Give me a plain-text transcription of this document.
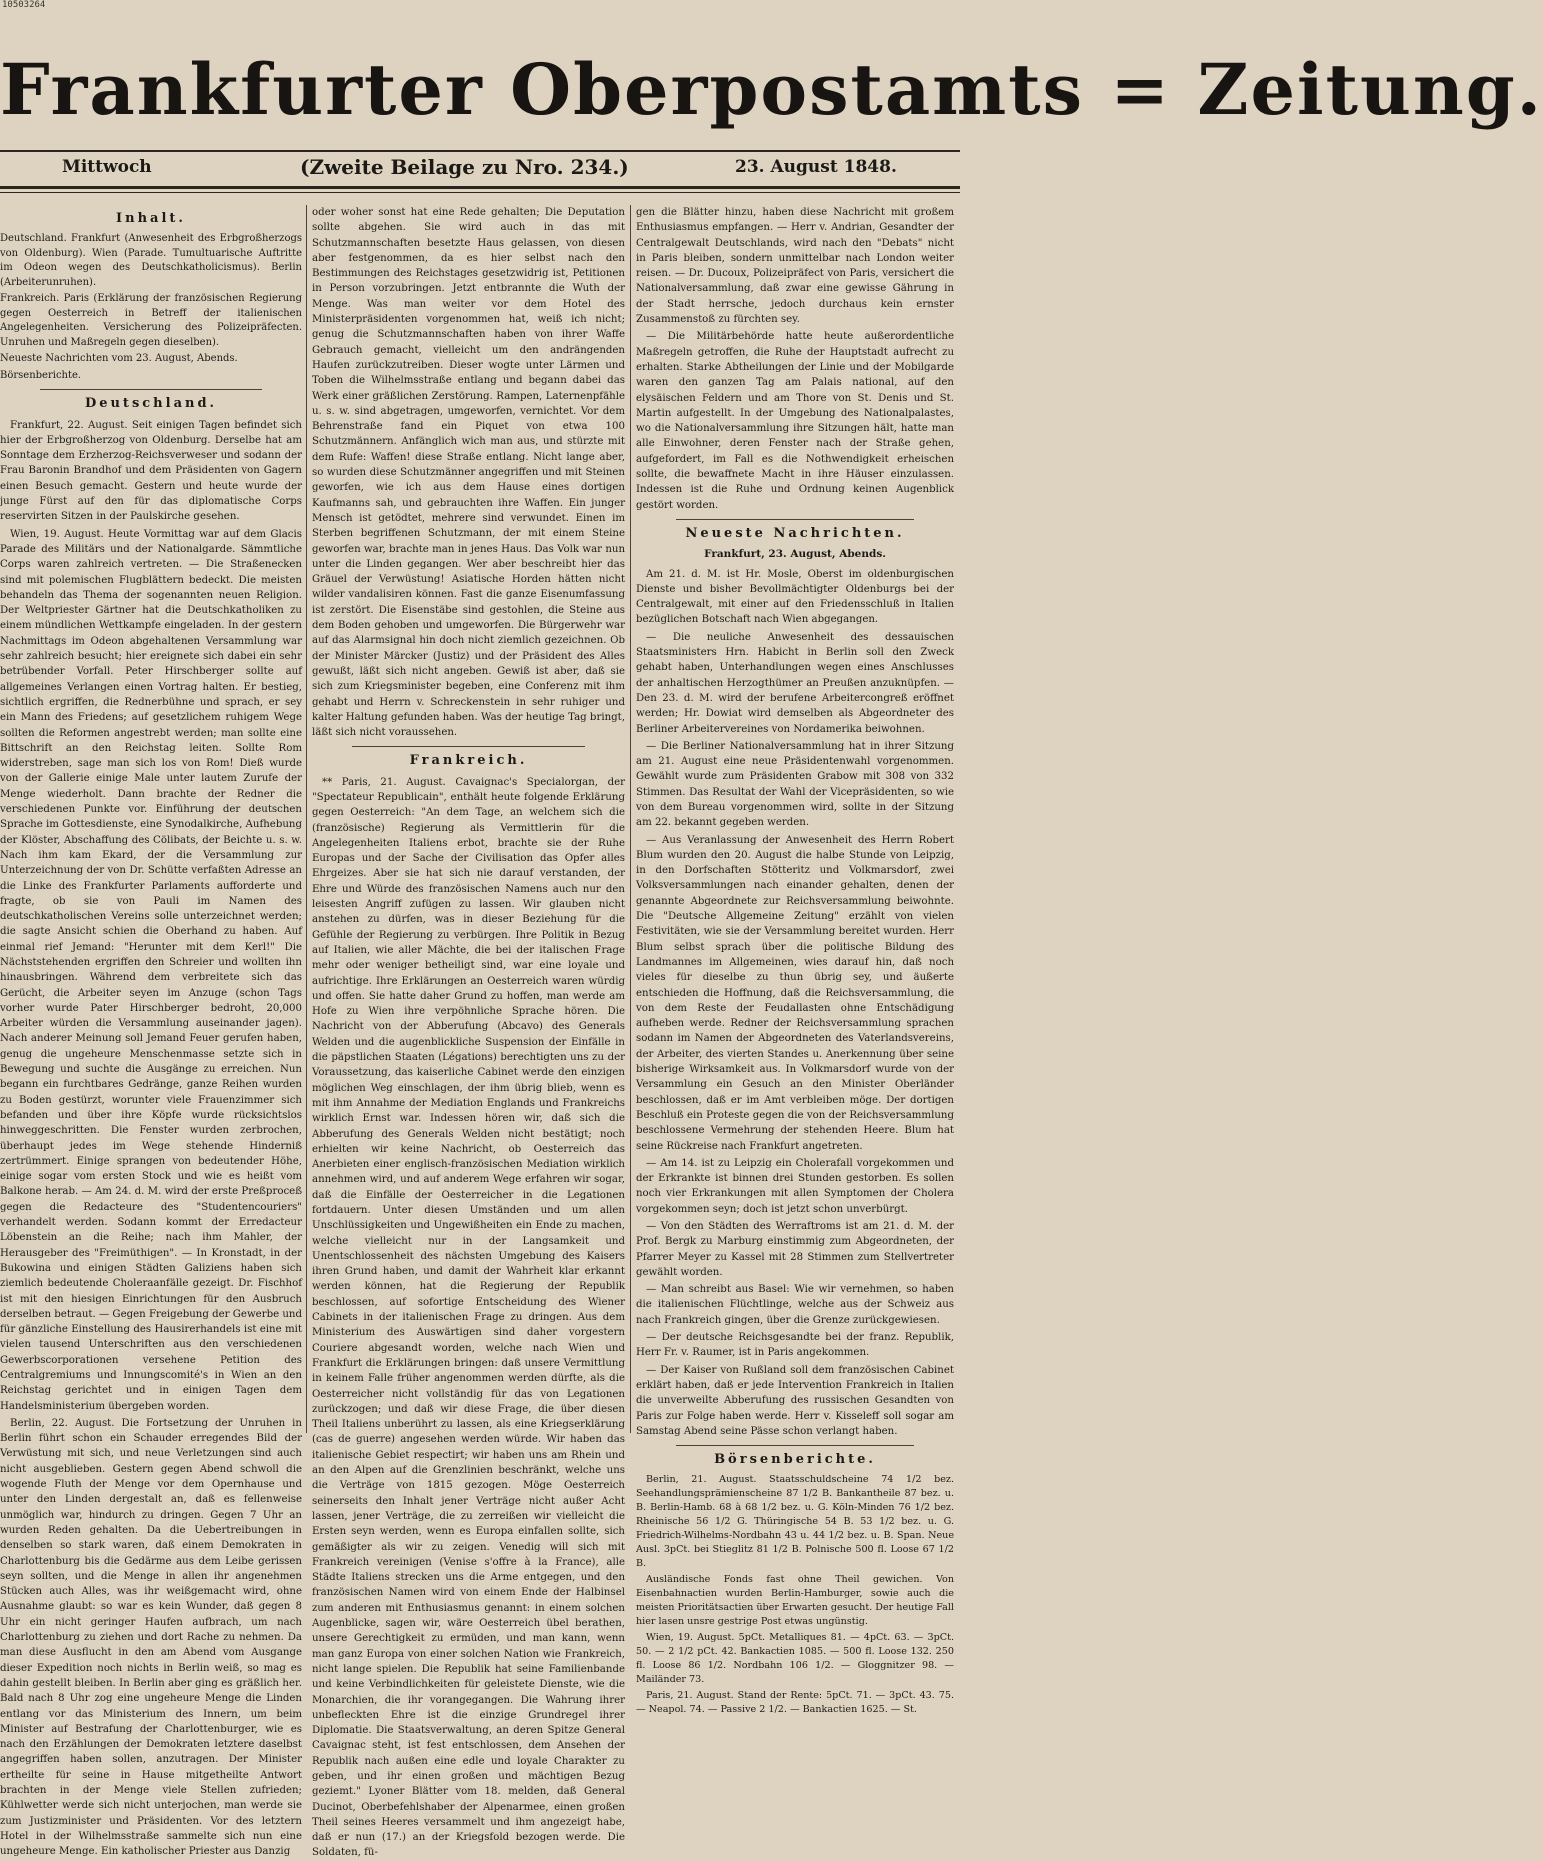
10503264
Frankfurter Oberpostamts = Zeitung.
Mittwoch	(Zweite Beilage zu Nro. 234.)	23. August 1848.
Inhalt.

Deutschland. Frankfurt (Anwesenheit des Erbgroßherzogs von Oldenburg). Wien (Parade. Tumultuarische Auftritte im Odeon wegen des Deutschkatholicismus). Berlin (Arbeiterunruhen).

Frankreich. Paris (Erklärung der französischen Regierung gegen Oesterreich in Betreff der italienischen Angelegenheiten. Versicherung des Polizeipräfecten. Unruhen und Maßregeln gegen dieselben).

Neueste Nachrichten vom 23. August, Abends.

Börsenberichte.

Deutschland.

Frankfurt, 22. August. Seit einigen Tagen befindet sich hier der Erbgroßherzog von Oldenburg. Derselbe hat am Sonntage dem Erzherzog-Reichsverweser und sodann der Frau Baronin Brandhof und dem Präsidenten von Gagern einen Besuch gemacht. Gestern und heute wurde der junge Fürst auf den für das diplomatische Corps reservirten Sitzen in der Paulskirche gesehen.

Wien, 19. August. Heute Vormittag war auf dem Glacis Parade des Militärs und der Nationalgarde. Sämmtliche Corps waren zahlreich vertreten. — Die Straßenecken sind mit polemischen Flugblättern bedeckt. Die meisten behandeln das Thema der sogenannten neuen Religion. Der Weltpriester Gärtner hat die Deutschkatholiken zu einem mündlichen Wettkampfe eingeladen. In der gestern Nachmittags im Odeon abgehaltenen Versammlung war sehr zahlreich besucht; hier ereignete sich dabei ein sehr betrübender Vorfall. Peter Hirschberger sollte auf allgemeines Verlangen einen Vortrag halten. Er bestieg, sichtlich ergriffen, die Rednerbühne und sprach, er sey ein Mann des Friedens; auf gesetzlichem ruhigem Wege sollten die Reformen angestrebt werden; man sollte eine Bittschrift an den Reichstag leiten. Sollte Rom widerstreben, sage man sich los von Rom! Dieß wurde von der Gallerie einige Male unter lautem Zurufe der Menge wiederholt. Dann brachte der Redner die verschiedenen Punkte vor. Einführung der deutschen Sprache im Gottesdienste, eine Synodalkirche, Aufhebung der Klöster, Abschaffung des Cölibats, der Beichte u. s. w. Nach ihm kam Ekard, der die Versammlung zur Unterzeichnung der von Dr. Schütte verfaßten Adresse an die Linke des Frankfurter Parlaments aufforderte und fragte, ob sie von Pauli im Namen des deutschkatholischen Vereins solle unterzeichnet werden; die sagte Ansicht schien die Oberhand zu haben. Auf einmal rief Jemand: "Herunter mit dem Kerl!" Die Nächststehenden ergriffen den Schreier und wollten ihn hinausbringen. Während dem verbreitete sich das Gerücht, die Arbeiter seyen im Anzuge (schon Tags vorher wurde Pater Hirschberger bedroht, 20,000 Arbeiter würden die Versammlung auseinander jagen). Nach anderer Meinung soll Jemand Feuer gerufen haben, genug die ungeheure Menschenmasse setzte sich in Bewegung und suchte die Ausgänge zu erreichen. Nun begann ein furchtbares Gedränge, ganze Reihen wurden zu Boden gestürzt, worunter viele Frauenzimmer sich befanden und über ihre Köpfe wurde rücksichtslos hinweggeschritten. Die Fenster wurden zerbrochen, überhaupt jedes im Wege stehende Hinderniß zertrümmert. Einige sprangen von bedeutender Höhe, einige sogar vom ersten Stock und wie es heißt vom Balkone herab. — Am 24. d. M. wird der erste Preßproceß gegen die Redacteure des "Studentencouriers" verhandelt werden. Sodann kommt der Erredacteur Löbenstein an die Reihe; nach ihm Mahler, der Herausgeber des "Freimüthigen". — In Kronstadt, in der Bukowina und einigen Städten Galiziens haben sich ziemlich bedeutende Choleraanfälle gezeigt. Dr. Fischhof ist mit den hiesigen Einrichtungen für den Ausbruch derselben betraut. — Gegen Freigebung der Gewerbe und für gänzliche Einstellung des Hausirerhandels ist eine mit vielen tausend Unterschriften aus den verschiedenen Gewerbscorporationen versehene Petition des Centralgremiums und Innungscomité's in Wien an den Reichstag gerichtet und in einigen Tagen dem Handelsministerium übergeben worden.

Berlin, 22. August. Die Fortsetzung der Unruhen in Berlin führt schon ein Schauder erregendes Bild der Verwüstung mit sich, und neue Verletzungen sind auch nicht ausgeblieben. Gestern gegen Abend schwoll die wogende Fluth der Menge vor dem Opernhause und unter den Linden dergestalt an, daß es fellenweise unmöglich war, hindurch zu dringen. Gegen 7 Uhr an wurden Reden gehalten. Da die Uebertreibungen in denselben so stark waren, daß einem Demokraten in Charlottenburg bis die Gedärme aus dem Leibe gerissen seyn sollten, und die Menge in allen ihr angenehmen Stücken auch Alles, was ihr weißgemacht wird, ohne Ausnahme glaubt: so war es kein Wunder, daß gegen 8 Uhr ein nicht geringer Haufen aufbrach, um nach Charlottenburg zu ziehen und dort Rache zu nehmen. Da man diese Ausflucht in den am Abend vom Ausgange dieser Expedition noch nichts in Berlin weiß, so mag es dahin gestellt bleiben. In Berlin aber ging es gräßlich her. Bald nach 8 Uhr zog eine ungeheure Menge die Linden entlang vor das Ministerium des Innern, um beim Minister auf Bestrafung der Charlottenburger, wie es nach den Erzählungen der Demokraten letztere daselbst angegriffen haben sollen, anzutragen. Der Minister ertheilte für seine in Hause mitgetheilte Antwort brachten in der Menge viele Stellen zufrieden; Kühlwetter werde sich nicht unterjochen, man werde sie zum Justizminister und Präsidenten. Vor des letztern Hotel in der Wilhelmsstraße sammelte sich nun eine ungeheure Menge. Ein katholischer Priester aus Danzig

oder woher sonst hat eine Rede gehalten; Die Deputation sollte abgehen. Sie wird auch in das mit Schutzmannschaften besetzte Haus gelassen, von diesen aber festgenommen, da es hier selbst nach den Bestimmungen des Reichstages gesetzwidrig ist, Petitionen in Person vorzubringen. Jetzt entbrannte die Wuth der Menge. Was man weiter vor dem Hotel des Ministerpräsidenten vorgenommen hat, weiß ich nicht; genug die Schutzmannschaften haben von ihrer Waffe Gebrauch gemacht, vielleicht um den andrängenden Haufen zurückzutreiben. Dieser wogte unter Lärmen und Toben die Wilhelmsstraße entlang und begann dabei das Werk einer gräßlichen Zerstörung. Rampen, Laternenpfähle u. s. w. sind abgetragen, umgeworfen, vernichtet. Vor dem Behrenstraße fand ein Piquet von etwa 100 Schutzmännern. Anfänglich wich man aus, und stürzte mit dem Rufe: Waffen! diese Straße entlang. Nicht lange aber, so wurden diese Schutzmänner angegriffen und mit Steinen geworfen, wie ich aus dem Hause eines dortigen Kaufmanns sah, und gebrauchten ihre Waffen. Ein junger Mensch ist getödtet, mehrere sind verwundet. Einen im Sterben begriffenen Schutzmann, der mit einem Steine geworfen war, brachte man in jenes Haus. Das Volk war nun unter die Linden gegangen. Wer aber beschreibt hier das Gräuel der Verwüstung! Asiatische Horden hätten nicht wilder vandalisiren können. Fast die ganze Eisenumfassung ist zerstört. Die Eisenstäbe sind gestohlen, die Steine aus dem Boden gehoben und umgeworfen. Die Bürgerwehr war auf das Alarmsignal hin doch nicht ziemlich gezeichnen. Ob der Minister Märcker (Justiz) und der Präsident des Alles gewußt, läßt sich nicht angeben. Gewiß ist aber, daß sie sich zum Kriegsminister begeben, eine Conferenz mit ihm gehabt und Herrn v. Schreckenstein in sehr ruhiger und kalter Haltung gefunden haben. Was der heutige Tag bringt, läßt sich nicht voraussehen.

Frankreich.

** Paris, 21. August. Cavaignac's Specialorgan, der "Spectateur Republicain", enthält heute folgende Erklärung gegen Oesterreich: "An dem Tage, an welchem sich die (französische) Regierung als Vermittlerin für die Angelegenheiten Italiens erbot, brachte sie der Ruhe Europas und der Sache der Civilisation das Opfer alles Ehrgeizes. Aber sie hat sich nie darauf verstanden, der Ehre und Würde des französischen Namens auch nur den leisesten Angriff zufügen zu lassen. Wir glauben nicht anstehen zu dürfen, was in dieser Beziehung für die Gefühle der Regierung zu verbürgen. Ihre Politik in Bezug auf Italien, wie aller Mächte, die bei der italischen Frage mehr oder weniger betheiligt sind, war eine loyale und aufrichtige. Ihre Erklärungen an Oesterreich waren würdig und offen. Sie hatte daher Grund zu hoffen, man werde am Hofe zu Wien ihre verpöhnliche Sprache hören. Die Nachricht von der Abberufung (Abcavo) des Generals Welden und die augenblickliche Suspension der Einfälle in die päpstlichen Staaten (Légations) berechtigten uns zu der Voraussetzung, das kaiserliche Cabinet werde den einzigen möglichen Weg einschlagen, der ihm übrig blieb, wenn es mit ihm Annahme der Mediation Englands und Frankreichs wirklich Ernst war. Indessen hören wir, daß sich die Abberufung des Generals Welden nicht bestätigt; noch erhielten wir keine Nachricht, ob Oesterreich das Anerbieten einer englisch-französischen Mediation wirklich annehmen wird, und auf anderem Wege erfahren wir sogar, daß die Einfälle der Oesterreicher in die Legationen fortdauern. Unter diesen Umständen und um allen Unschlüssigkeiten und Ungewißheiten ein Ende zu machen, welche vielleicht nur in der Langsamkeit und Unentschlossenheit des nächsten Umgebung des Kaisers ihren Grund haben, und damit der Wahrheit klar erkannt werden können, hat die Regierung der Republik beschlossen, auf sofortige Entscheidung des Wiener Cabinets in der italienischen Frage zu dringen. Aus dem Ministerium des Auswärtigen sind daher vorgestern Couriere abgesandt worden, welche nach Wien und Frankfurt die Erklärungen bringen: daß unsere Vermittlung in keinem Falle früher angenommen werden dürfte, als die Oesterreicher nicht vollständig für das von Legationen zurückzogen; und daß wir diese Frage, die über diesen Theil Italiens unberührt zu lassen, als eine Kriegserklärung (cas de guerre) angesehen werden würde. Wir haben das italienische Gebiet respectirt; wir haben uns am Rhein und an den Alpen auf die Grenzlinien beschränkt, welche uns die Verträge von 1815 gezogen. Möge Oesterreich seinerseits den Inhalt jener Verträge nicht außer Acht lassen, jener Verträge, die zu zerreißen wir vielleicht die Ersten seyn werden, wenn es Europa einfallen sollte, sich gemäßigter als wir zu zeigen. Venedig will sich mit Frankreich vereinigen (Venise s'offre à la France), alle Städte Italiens strecken uns die Arme entgegen, und den französischen Namen wird von einem Ende der Halbinsel zum anderen mit Enthusiasmus genannt: in einem solchen Augenblicke, sagen wir, wäre Oesterreich übel berathen, unsere Gerechtigkeit zu ermüden, und man kann, wenn man ganz Europa von einer solchen Nation wie Frankreich, nicht lange spielen. Die Republik hat seine Familienbande und keine Verbindlichkeiten für geleistete Dienste, wie die Monarchien, die ihr vorangegangen. Die Wahrung ihrer unbefleckten Ehre ist die einzige Grundregel ihrer Diplomatie. Die Staatsverwaltung, an deren Spitze General Cavaignac steht, ist fest entschlossen, dem Ansehen der Republik nach außen eine edle und loyale Charakter zu geben, und ihr einen großen und mächtigen Bezug geziemt." Lyoner Blätter vom 18. melden, daß General Ducinot, Oberbefehlshaber der Alpenarmee, einen großen Theil seines Heeres versammelt und ihm angezeigt habe, daß er nun (17.) an der Kriegsfold bezogen werde. Die Soldaten, fü-

gen die Blätter hinzu, haben diese Nachricht mit großem Enthusiasmus empfangen. — Herr v. Andrian, Gesandter der Centralgewalt Deutschlands, wird nach den "Debats" nicht in Paris bleiben, sondern unmittelbar nach London weiter reisen. — Dr. Ducoux, Polizeipräfect von Paris, versichert die Nationalversammlung, daß zwar eine gewisse Gährung in der Stadt herrsche, jedoch durchaus kein ernster Zusammenstoß zu fürchten sey.

— Die Militärbehörde hatte heute außerordentliche Maßregeln getroffen, die Ruhe der Hauptstadt aufrecht zu erhalten. Starke Abtheilungen der Linie und der Mobilgarde waren den ganzen Tag am Palais national, auf den elysäischen Feldern und am Thore von St. Denis und St. Martin aufgestellt. In der Umgebung des Nationalpalastes, wo die Nationalversammlung ihre Sitzungen hält, hatte man alle Einwohner, deren Fenster nach der Straße gehen, aufgefordert, im Fall es die Nothwendigkeit erheischen sollte, die bewaffnete Macht in ihre Häuser einzulassen. Indessen ist die Ruhe und Ordnung keinen Augenblick gestört worden.

Neueste Nachrichten.
Frankfurt, 23. August, Abends.

Am 21. d. M. ist Hr. Mosle, Oberst im oldenburgischen Dienste und bisher Bevollmächtigter Oldenburgs bei der Centralgewalt, mit einer auf den Friedensschluß in Italien bezüglichen Botschaft nach Wien abgegangen.

— Die neuliche Anwesenheit des dessauischen Staatsministers Hrn. Habicht in Berlin soll den Zweck gehabt haben, Unterhandlungen wegen eines Anschlusses der anhaltischen Herzogthümer an Preußen anzuknüpfen. — Den 23. d. M. wird der berufene Arbeitercongreß eröffnet werden; Hr. Dowiat wird demselben als Abgeordneter des Berliner Arbeitervereines von Nordamerika beiwohnen.

— Die Berliner Nationalversammlung hat in ihrer Sitzung am 21. August eine neue Präsidentenwahl vorgenommen. Gewählt wurde zum Präsidenten Grabow mit 308 von 332 Stimmen. Das Resultat der Wahl der Vicepräsidenten, so wie von dem Bureau vorgenommen wird, sollte in der Sitzung am 22. bekannt gegeben werden.

— Aus Veranlassung der Anwesenheit des Herrn Robert Blum wurden den 20. August die halbe Stunde von Leipzig, in den Dorfschaften Stötteritz und Volkmarsdorf, zwei Volksversammlungen nach einander gehalten, denen der genannte Abgeordnete zur Reichsversammlung beiwohnte. Die "Deutsche Allgemeine Zeitung" erzählt von vielen Festivitäten, wie sie der Versammlung bereitet wurden. Herr Blum selbst sprach über die politische Bildung des Landmannes im Allgemeinen, wies darauf hin, daß noch vieles für dieselbe zu thun übrig sey, und äußerte entschieden die Hoffnung, daß die Reichsversammlung, die von dem Reste der Feudallasten ohne Entschädigung aufheben werde. Redner der Reichsversammlung sprachen sodann im Namen der Abgeordneten des Vaterlandsvereins, der Arbeiter, des vierten Standes u. Anerkennung über seine bisherige Wirksamkeit aus. In Volkmarsdorf wurde von der Versammlung ein Gesuch an den Minister Oberländer beschlossen, daß er im Amt verbleiben möge. Der dortigen Beschluß ein Proteste gegen die von der Reichsversammlung beschlossene Vermehrung der stehenden Heere. Blum hat seine Rückreise nach Frankfurt angetreten.

— Am 14. ist zu Leipzig ein Cholerafall vorgekommen und der Erkrankte ist binnen drei Stunden gestorben. Es sollen noch vier Erkrankungen mit allen Symptomen der Cholera vorgekommen seyn; doch ist jetzt schon unverbürgt.

— Von den Städten des Werraftroms ist am 21. d. M. der Prof. Bergk zu Marburg einstimmig zum Abgeordneten, der Pfarrer Meyer zu Kassel mit 28 Stimmen zum Stellvertreter gewählt worden.

— Man schreibt aus Basel: Wie wir vernehmen, so haben die italienischen Flüchtlinge, welche aus der Schweiz aus nach Frankreich gingen, über die Grenze zurückgewiesen.

— Der deutsche Reichsgesandte bei der franz. Republik, Herr Fr. v. Raumer, ist in Paris angekommen.

— Der Kaiser von Rußland soll dem französischen Cabinet erklärt haben, daß er jede Intervention Frankreich in Italien die unverweilte Abberufung des russischen Gesandten von Paris zur Folge haben werde. Herr v. Kisseleff soll sogar am Samstag Abend seine Pässe schon verlangt haben.

Börsenberichte.

Berlin, 21. August. Staatsschuldscheine 74 1/2 bez. Seehandlungsprämienscheine 87 1/2 B. Bankantheile 87 bez. u. B. Berlin-Hamb. 68 à 68 1/2 bez. u. G. Köln-Minden 76 1/2 bez. Rheinische 56 1/2 G. Thüringische 54 B. 53 1/2 bez. u. G. Friedrich-Wilhelms-Nordbahn 43 u. 44 1/2 bez. u. B. Span. Neue Ausl. 3pCt. bei Stieglitz 81 1/2 B. Polnische 500 fl. Loose 67 1/2 B.

Ausländische Fonds fast ohne Theil gewichen. Von Eisenbahnactien wurden Berlin-Hamburger, sowie auch die meisten Prioritätsactien über Erwarten gesucht. Der heutige Fall hier lasen unsre gestrige Post etwas ungünstig.

Wien, 19. August. 5pCt. Metalliques 81. — 4pCt. 63. — 3pCt. 50. — 2 1/2 pCt. 42. Bankactien 1085. — 500 fl. Loose 132. 250 fl. Loose 86 1/2. Nordbahn 106 1/2. — Gloggnitzer 98. — Mailänder 73.

Paris, 21. August. Stand der Rente: 5pCt. 71. — 3pCt. 43. 75. — Neapol. 74. — Passive 2 1/2. — Bankactien 1625. — St.
